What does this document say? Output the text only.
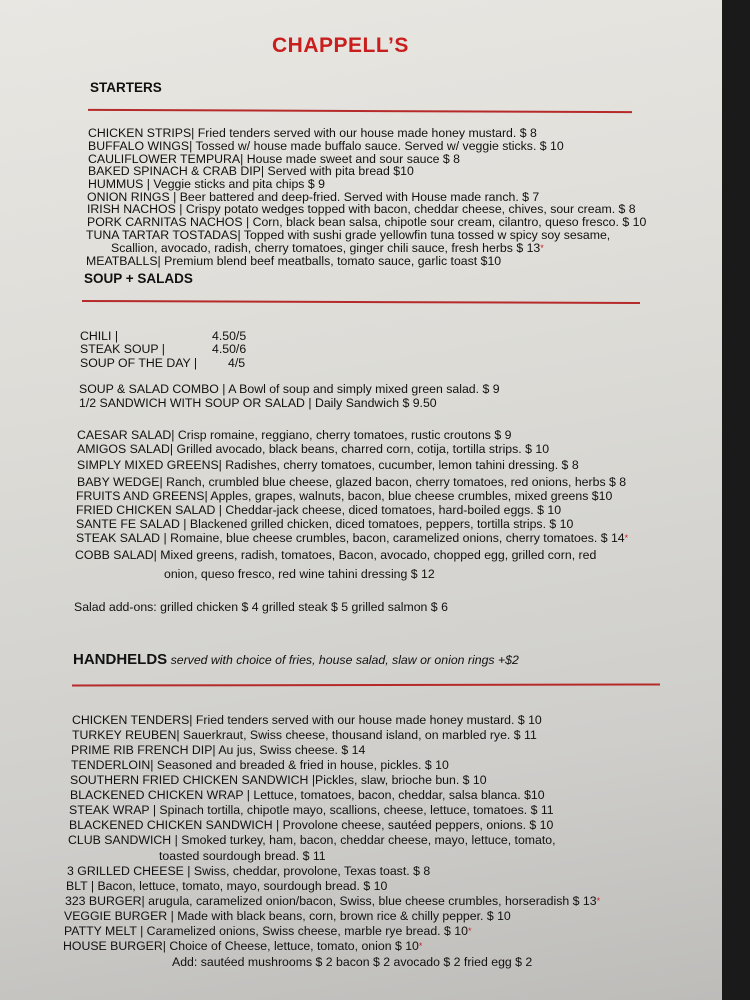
CHAPPELL’S
STARTERS
CHICKEN STRIPS| Fried tenders served with our house made honey mustard. $ 8
BUFFALO WINGS| Tossed w/ house made buffalo sauce. Served w/ veggie sticks. $ 10
CAULIFLOWER TEMPURA| House made sweet and sour sauce $ 8
BAKED SPINACH & CRAB DIP| Served with pita bread $10
HUMMUS | Veggie sticks and pita chips $ 9
ONION RINGS | Beer battered and deep-fried. Served with House made ranch. $ 7
IRISH NACHOS | Crispy potato wedges topped with bacon, cheddar cheese, chives, sour cream. $ 8
PORK CARNITAS NACHOS | Corn, black bean salsa, chipotle sour cream, cilantro, queso fresco. $ 10
TUNA TARTAR TOSTADAS| Topped with sushi grade yellowfin tuna tossed w spicy soy sesame,
Scallion, avocado, radish, cherry tomatoes, ginger chili sauce, fresh herbs $ 13*
MEATBALLS| Premium blend beef meatballs, tomato sauce, garlic toast $10
SOUP + SALADS
CHILI |	4.50/5
STEAK SOUP |	4.50/6
SOUP OF THE DAY |	4/5
SOUP & SALAD COMBO | A Bowl of soup and simply mixed green salad. $ 9
1/2 SANDWICH WITH SOUP OR SALAD | Daily Sandwich $ 9.50
CAESAR SALAD| Crisp romaine, reggiano, cherry tomatoes, rustic croutons $ 9
AMIGOS SALAD| Grilled avocado, black beans, charred corn, cotija, tortilla strips. $ 10
SIMPLY MIXED GREENS| Radishes, cherry tomatoes, cucumber, lemon tahini dressing. $ 8
BABY WEDGE| Ranch, crumbled blue cheese, glazed bacon, cherry tomatoes, red onions, herbs $ 8
FRUITS AND GREENS| Apples, grapes, walnuts, bacon, blue cheese crumbles, mixed greens $10
FRIED CHICKEN SALAD | Cheddar-jack cheese, diced tomatoes, hard-boiled eggs. $ 10
SANTE FE SALAD | Blackened grilled chicken, diced tomatoes, peppers, tortilla strips. $ 10
STEAK SALAD | Romaine, blue cheese crumbles, bacon, caramelized onions, cherry tomatoes. $ 14*
COBB SALAD| Mixed greens, radish, tomatoes, Bacon, avocado, chopped egg, grilled corn, red
onion, queso fresco, red wine tahini dressing $ 12
Salad add-ons: grilled chicken $ 4 grilled steak $ 5 grilled salmon $ 6
HANDHELDS served with choice of fries, house salad, slaw or onion rings +$2
CHICKEN TENDERS| Fried tenders served with our house made honey mustard. $ 10
TURKEY REUBEN| Sauerkraut, Swiss cheese, thousand island, on marbled rye. $ 11
PRIME RIB FRENCH DIP| Au jus, Swiss cheese. $ 14
TENDERLOIN| Seasoned and breaded & fried in house, pickles. $ 10
SOUTHERN FRIED CHICKEN SANDWICH |Pickles, slaw, brioche bun. $ 10
BLACKENED CHICKEN WRAP | Lettuce, tomatoes, bacon, cheddar, salsa blanca. $10
STEAK WRAP | Spinach tortilla, chipotle mayo, scallions, cheese, lettuce, tomatoes. $ 11
BLACKENED CHICKEN SANDWICH | Provolone cheese, sautéed peppers, onions. $ 10
CLUB SANDWICH | Smoked turkey, ham, bacon, cheddar cheese, mayo, lettuce, tomato,
toasted sourdough bread. $ 11
3 GRILLED CHEESE | Swiss, cheddar, provolone, Texas toast. $ 8
BLT | Bacon, lettuce, tomato, mayo, sourdough bread. $ 10
323 BURGER| arugula, caramelized onion/bacon, Swiss, blue cheese crumbles, horseradish $ 13*
VEGGIE BURGER | Made with black beans, corn, brown rice & chilly pepper. $ 10
PATTY MELT | Caramelized onions, Swiss cheese, marble rye bread. $ 10*
HOUSE BURGER| Choice of Cheese, lettuce, tomato, onion $ 10*
Add: sautéed mushrooms $ 2 bacon $ 2 avocado $ 2 fried egg $ 2
